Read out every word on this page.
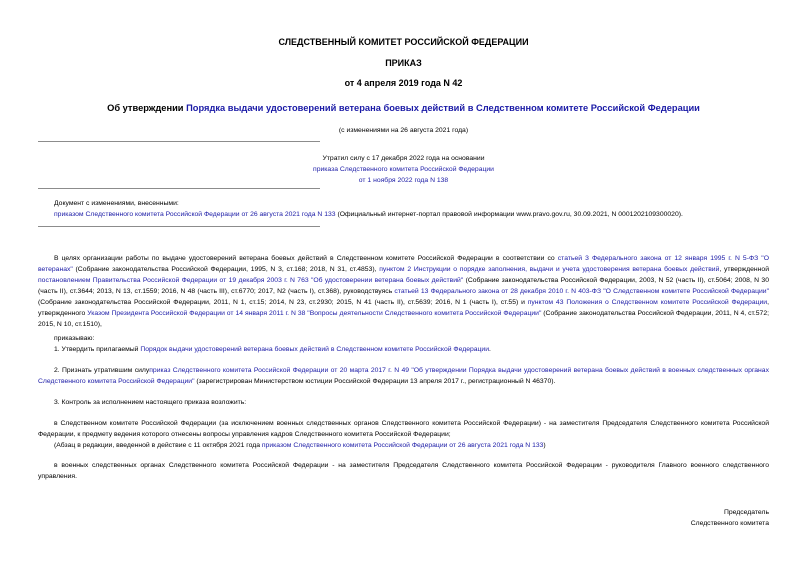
СЛЕДСТВЕННЫЙ КОМИТЕТ РОССИЙСКОЙ ФЕДЕРАЦИИ
ПРИКАЗ
от 4 апреля 2019 года N 42
Об утверждении Порядка выдачи удостоверений ветерана боевых действий в Следственном комитете Российской Федерации
(с изменениями на 26 августа 2021 года)
Утратил силу с 17 декабря 2022 года на основании
приказа Следственного комитета Российской Федерации
от 1 ноября 2022 года N 138
Документ с изменениями, внесенными:
приказом Следственного комитета Российской Федерации от 26 августа 2021 года N 133 (Официальный интернет-портал правовой информации www.pravo.gov.ru, 30.09.2021, N 0001202109300020).
В целях организации работы по выдаче удостоверений ветерана боевых действий в Следственном комитете Российской Федерации в соответствии со статьей 3 Федерального закона от 12 января 1995 г. N 5-ФЗ "О ветеранах" (Собрание законодательства Российской Федерации, 1995, N 3, ст.168; 2018, N 31, ст.4853), пунктом 2 Инструкции о порядке заполнения, выдачи и учета удостоверения ветерана боевых действий, утвержденной постановлением Правительства Российской Федерации от 19 декабря 2003 г. N 763 "Об удостоверении ветерана боевых действий" (Собрание законодательства Российской Федерации, 2003, N 52 (часть II), ст.5064; 2008, N 30 (часть II), ст.3644; 2013, N 13, ст.1559; 2016, N 48 (часть III), ст.6770; 2017, N2 (часть I), ст.368), руководствуясь статьей 13 Федерального закона от 28 декабря 2010 г. N 403-ФЗ "О Следственном комитете Российской Федерации" (Собрание законодательства Российской Федерации, 2011, N 1, ст.15; 2014, N 23, ст.2930; 2015, N 41 (часть II), ст.5639; 2016, N 1 (часть I), ст.55) и пунктом 43 Положения о Следственном комитете Российской Федерации, утвержденного Указом Президента Российской Федерации от 14 января 2011 г. N 38 "Вопросы деятельности Следственного комитета Российской Федерации" (Собрание законодательства Российской Федерации, 2011, N 4, ст.572; 2015, N 10, ст.1510),
приказываю:
1. Утвердить прилагаемый Порядок выдачи удостоверений ветерана боевых действий в Следственном комитете Российской Федерации.
2. Признать утратившим силуприказ Следственного комитета Российской Федерации от 20 марта 2017 г. N 49 "Об утверждении Порядка выдачи удостоверений ветерана боевых действий в военных следственных органах Следственного комитета Российской Федерации" (зарегистрирован Министерством юстиции Российской Федерации 13 апреля 2017 г., регистрационный N 46370).
3. Контроль за исполнением настоящего приказа возложить:
в Следственном комитете Российской Федерации (за исключением военных следственных органов Следственного комитета Российской Федерации) - на заместителя Председателя Следственного комитета Российской Федерации, к предмету ведения которого отнесены вопросы управления кадров Следственного комитета Российской Федерации;
(Абзац в редакции, введенной в действие с 11 октября 2021 года приказом Следственного комитета Российской Федерации от 26 августа 2021 года N 133)
в военных следственных органах Следственного комитета Российской Федерации - на заместителя Председателя Следственного комитета Российской Федерации - руководителя Главного военного следственного управления.
Председатель
Следственного комитета
